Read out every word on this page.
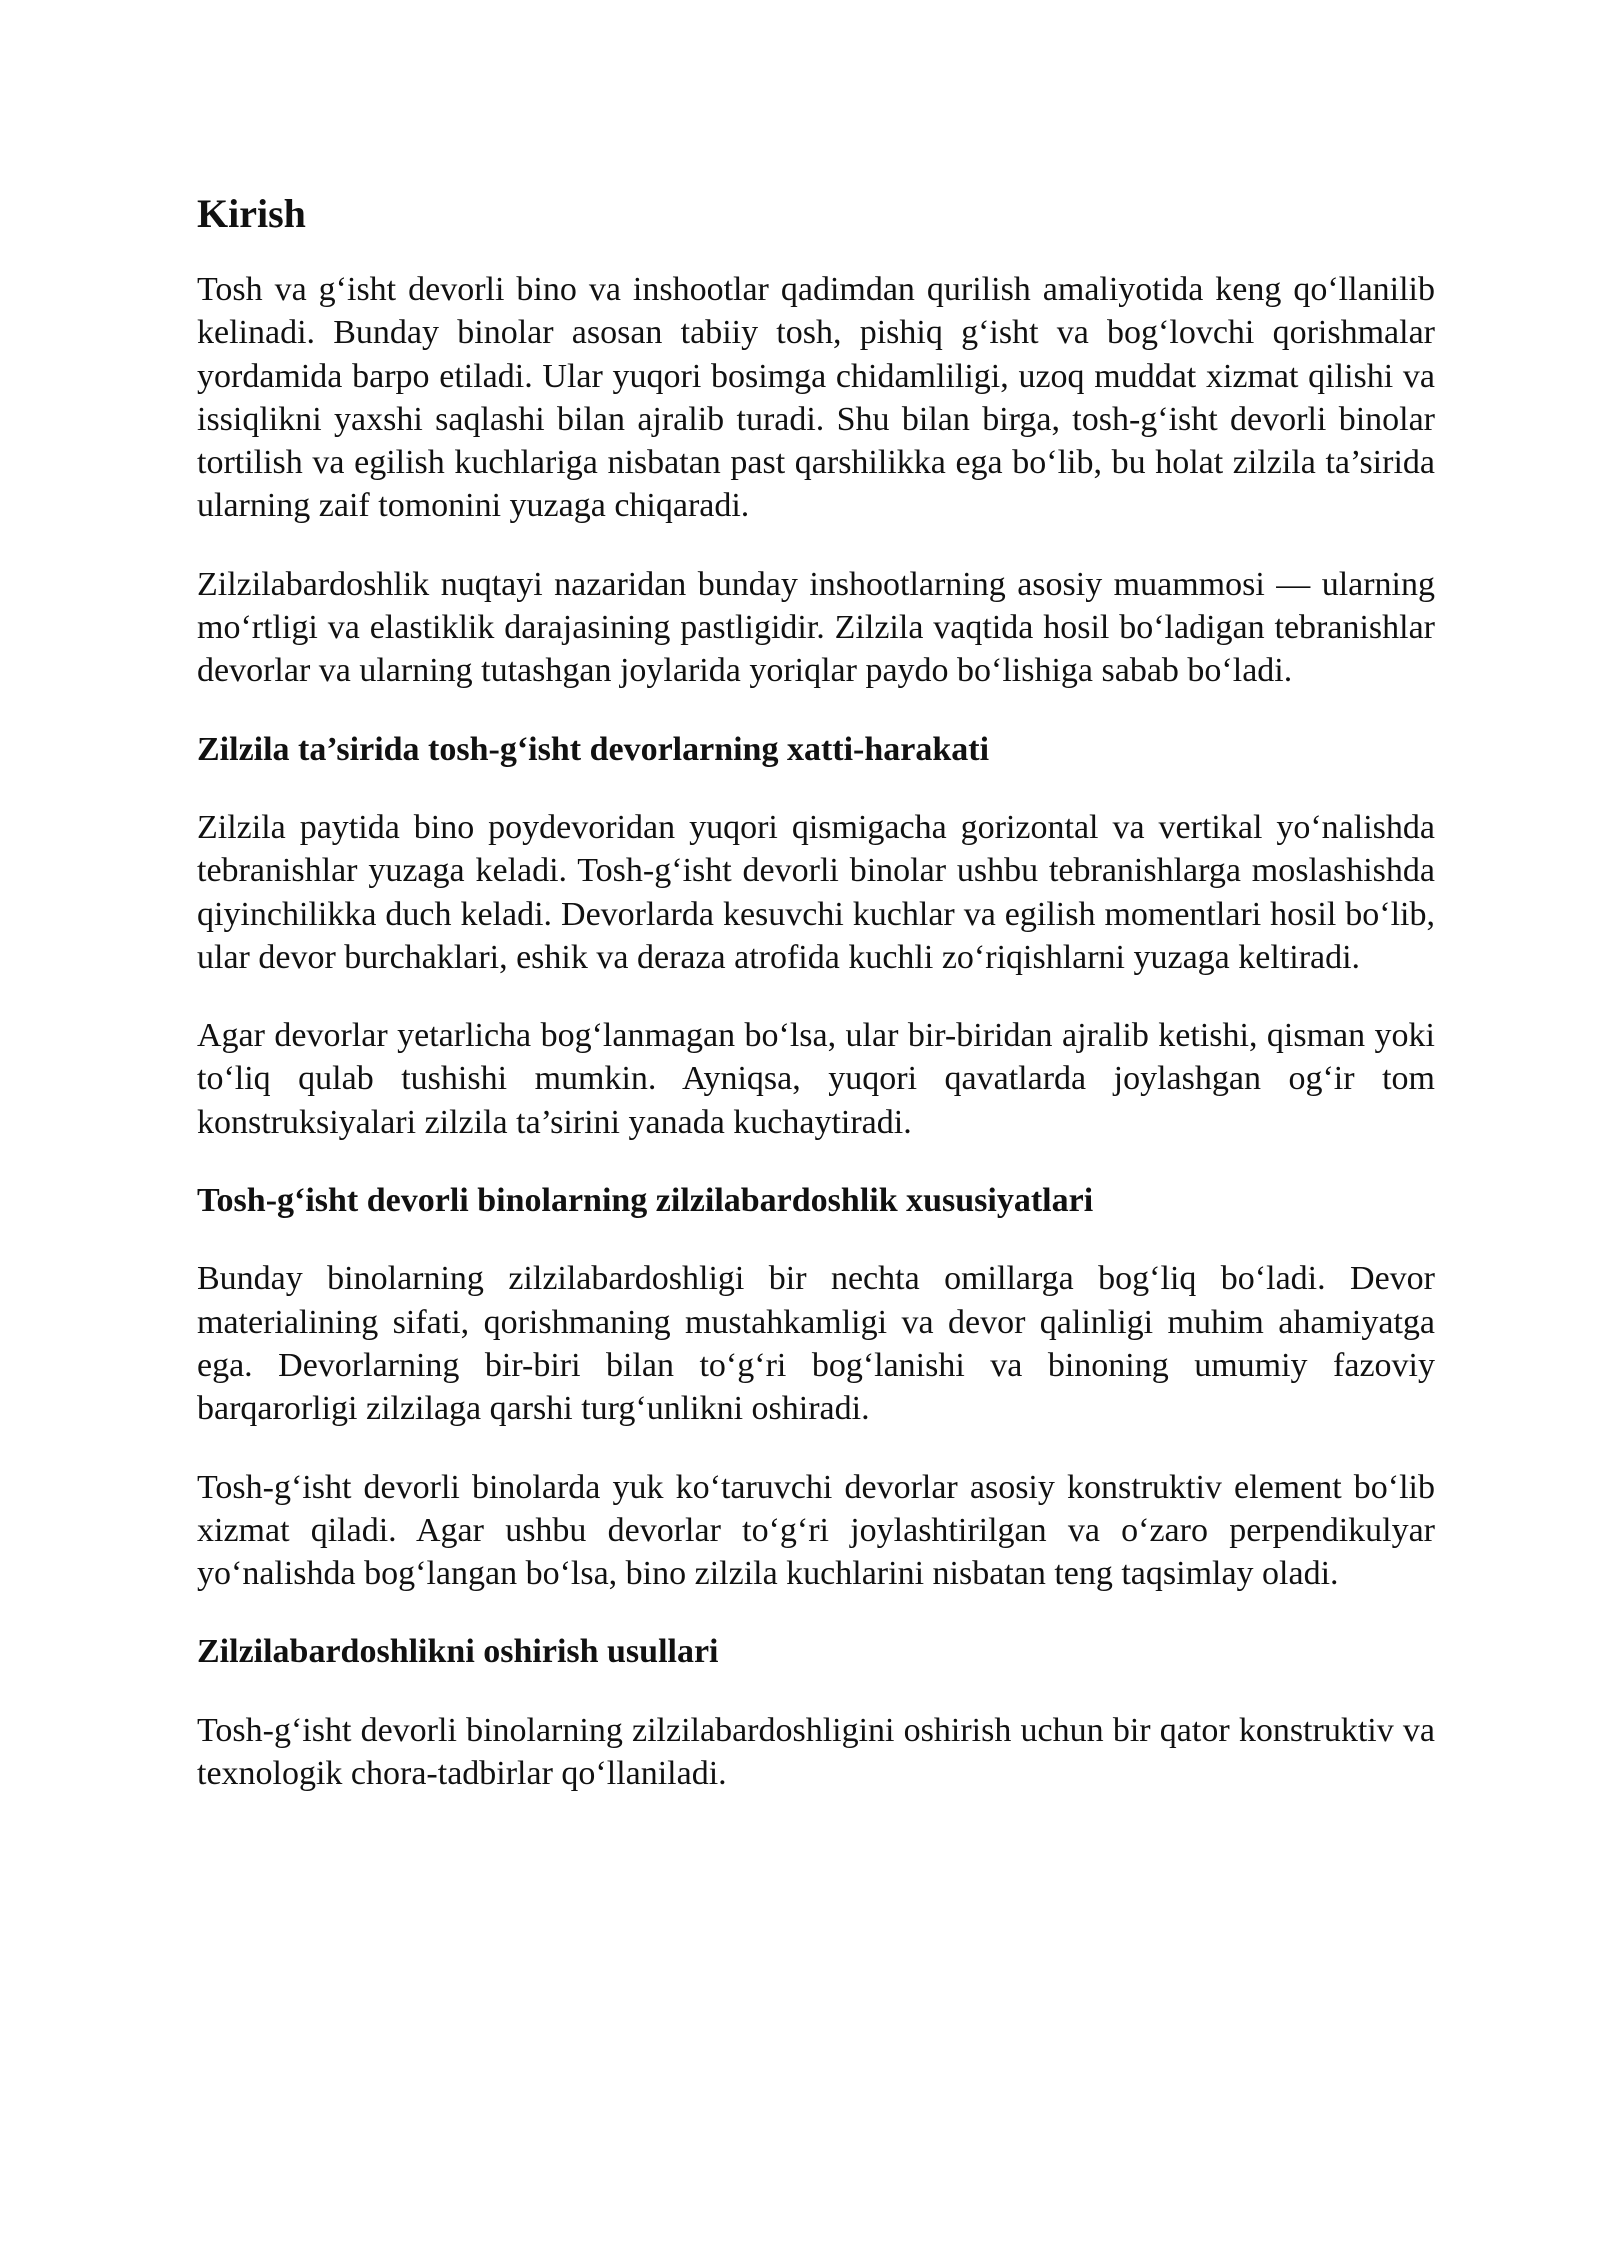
Kirish

Tosh va g‘isht devorli bino va inshootlar qadimdan qurilish amaliyotida keng qo‘llanilib kelinadi. Bunday binolar asosan tabiiy tosh, pishiq g‘isht va bog‘lovchi qorishmalar yordamida barpo etiladi. Ular yuqori bosimga chidamliligi, uzoq muddat xizmat qilishi va issiqlikni yaxshi saqlashi bilan ajralib turadi. Shu bilan birga, tosh-g‘isht devorli binolar tortilish va egilish kuchlariga nisbatan past qarshilikka ega bo‘lib, bu holat zilzila ta’sirida ularning zaif tomonini yuzaga chiqaradi.

Zilzilabardoshlik nuqtayi nazaridan bunday inshootlarning asosiy muammosi — ularning mo‘rtligi va elastiklik darajasining pastligidir. Zilzila vaqtida hosil bo‘ladigan tebranishlar devorlar va ularning tutashgan joylarida yoriqlar paydo bo‘lishiga sabab bo‘ladi.

Zilzila ta’sirida tosh-g‘isht devorlarning xatti-harakati

Zilzila paytida bino poydevoridan yuqori qismigacha gorizontal va vertikal yo‘nalishda tebranishlar yuzaga keladi. Tosh-g‘isht devorli binolar ushbu tebranishlarga moslashishda qiyinchilikka duch keladi. Devorlarda kesuvchi kuchlar va egilish momentlari hosil bo‘lib, ular devor burchaklari, eshik va deraza atrofida kuchli zo‘riqishlarni yuzaga keltiradi.

Agar devorlar yetarlicha bog‘lanmagan bo‘lsa, ular bir-biridan ajralib ketishi, qisman yoki to‘liq qulab tushishi mumkin. Ayniqsa, yuqori qavatlarda joylashgan og‘ir tom konstruksiyalari zilzila ta’sirini yanada kuchaytiradi.

Tosh-g‘isht devorli binolarning zilzilabardoshlik xususiyatlari

Bunday binolarning zilzilabardoshligi bir nechta omillarga bog‘liq bo‘ladi. Devor materialining sifati, qorishmaning mustahkamligi va devor qalinligi muhim ahamiyatga ega. Devorlarning bir-biri bilan to‘g‘ri bog‘lanishi va binoning umumiy fazoviy barqarorligi zilzilaga qarshi turg‘unlikni oshiradi.

Tosh-g‘isht devorli binolarda yuk ko‘taruvchi devorlar asosiy konstruktiv element bo‘lib xizmat qiladi. Agar ushbu devorlar to‘g‘ri joylashtirilgan va o‘zaro perpendikulyar yo‘nalishda bog‘langan bo‘lsa, bino zilzila kuchlarini nisbatan teng taqsimlay oladi.

Zilzilabardoshlikni oshirish usullari

Tosh-g‘isht devorli binolarning zilzilabardoshligini oshirish uchun bir qator konstruktiv va texnologik chora-tadbirlar qo‘llaniladi.
